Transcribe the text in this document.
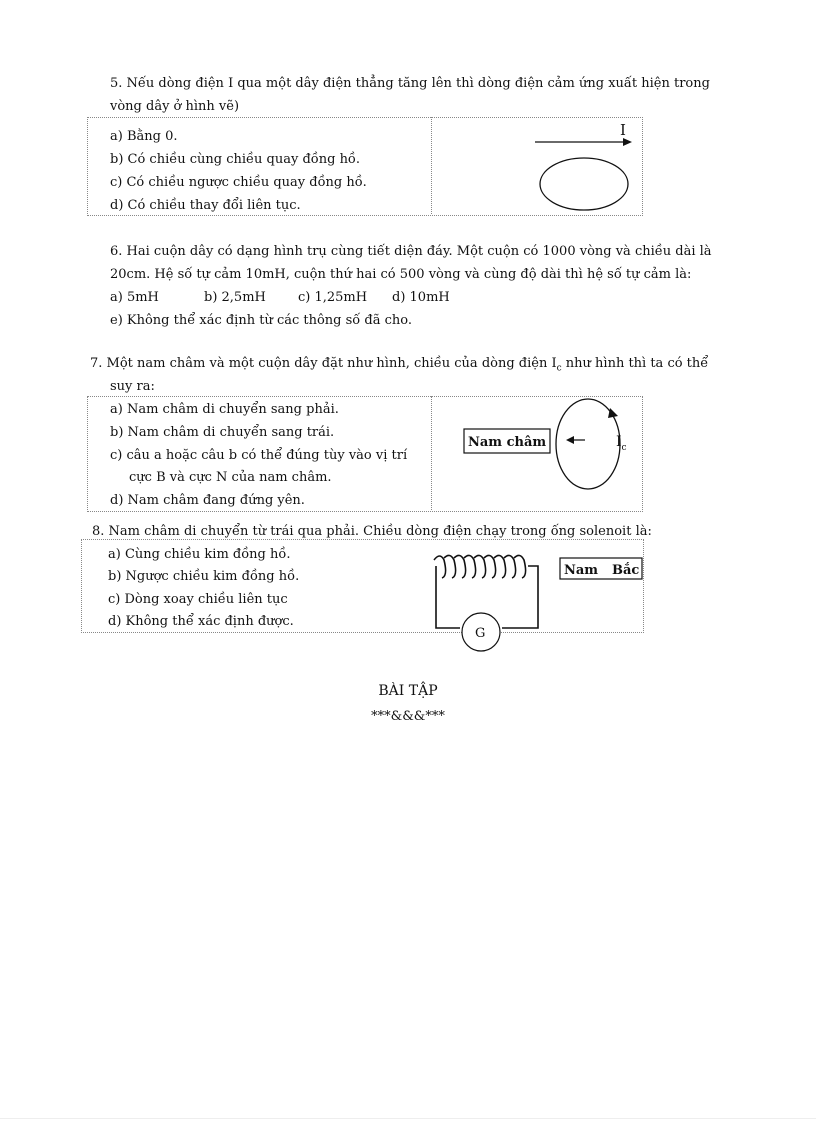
5. Nếu dòng điện I qua một dây điện thẳng tăng lên thì dòng điện cảm ứng xuất hiện trong
vòng dây ở hình vẽ)
a) Bằng 0.
b) Có chiều cùng chiều quay đồng hồ.
c) Có chiều ngược chiều quay đồng hồ.
d) Có chiều thay đổi liên tục.
I
6. Hai cuộn dây có dạng hình trụ cùng tiết diện đáy. Một cuộn có 1000 vòng và chiều dài là
20cm. Hệ số tự cảm 10mH, cuộn thứ hai có 500 vòng và cùng độ dài thì hệ số tự cảm là:
a) 5mH	b) 2,5mH c) 1,25mH d) 10mH
e) Không thể xác định từ các thông số đã cho.
7. Một nam châm và một cuộn dây đặt như hình, chiều của dòng điện $I_c$ như hình thì ta có thể
suy ra:
a) Nam châm di chuyển sang phải.
b) Nam châm di chuyển sang trái.
c) câu a hoặc câu b có thể đúng tùy vào vị trí
cực B và cực N của nam châm.
d) Nam châm đang đứng yên.
Nam châm	$I_c$
8. Nam châm di chuyển từ trái qua phải. Chiều dòng điện chạy trong ống solenoit là:
a) Cùng chiều kim đồng hồ.
b) Ngược chiều kim đồng hồ.
c) Dòng xoay chiều liên tục
d) Không thể xác định được.
G
Nam Bắc
BÀI TẬP
***&&&***
